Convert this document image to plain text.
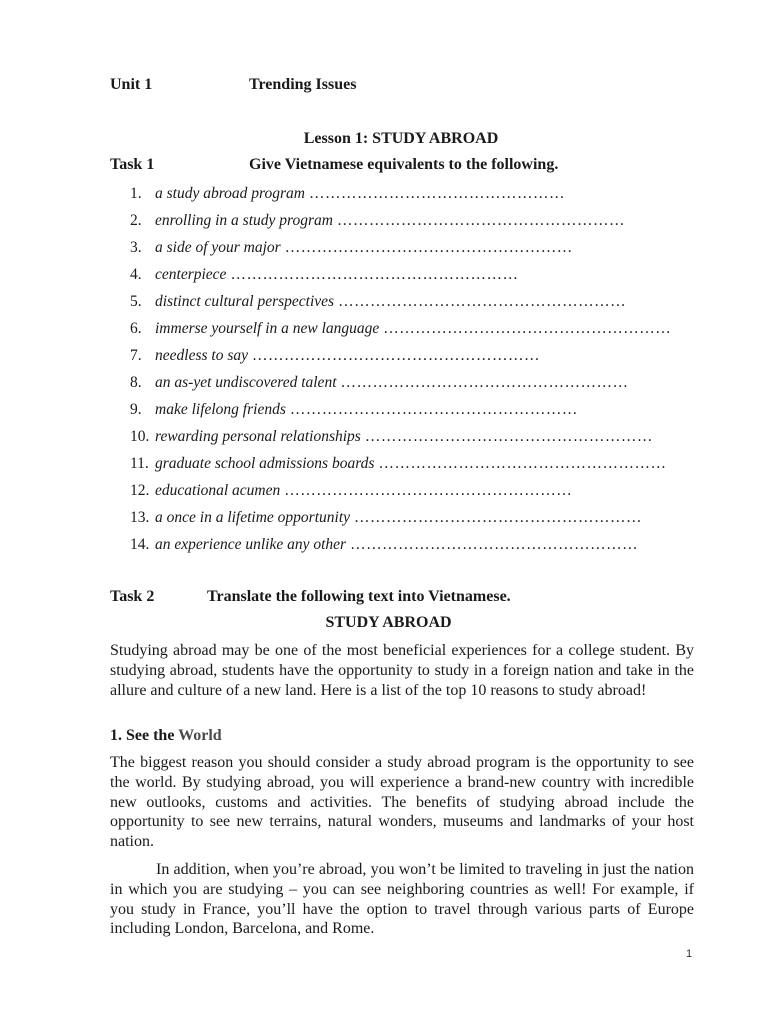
Unit 1	Trending Issues
Lesson 1: STUDY ABROAD
Task 1	Give Vietnamese equivalents to the following.
1. a study abroad program …………………………………………
2. enrolling in a study program ………………………………………………
3. a side of your major ………………………………………………
4. centerpiece ………………………………………………
5. distinct cultural perspectives ………………………………………………
6. immerse yourself in a new language ………………………………………………
7. needless to say ………………………………………………
8. an as-yet undiscovered talent ………………………………………………
9. make lifelong friends ………………………………………………
10. rewarding personal relationships ………………………………………………
11. graduate school admissions boards ………………………………………………
12. educational acumen ………………………………………………
13. a once in a lifetime opportunity ………………………………………………
14. an experience unlike any other ………………………………………………
Task 2	Translate the following text into Vietnamese.
STUDY ABROAD

Studying abroad may be one of the most beneficial experiences for a college student. By studying abroad, students have the opportunity to study in a foreign nation and take in the allure and culture of a new land. Here is a list of the top 10 reasons to study abroad!

1. See the World

The biggest reason you should consider a study abroad program is the opportunity to see the world. By studying abroad, you will experience a brand-new country with incredible new outlooks, customs and activities. The benefits of studying abroad include the opportunity to see new terrains, natural wonders, museums and landmarks of your host nation.

In addition, when you’re abroad, you won’t be limited to traveling in just the nation in which you are studying – you can see neighboring countries as well! For example, if you study in France, you’ll have the option to travel through various parts of Europe including London, Barcelona, and Rome.

1
